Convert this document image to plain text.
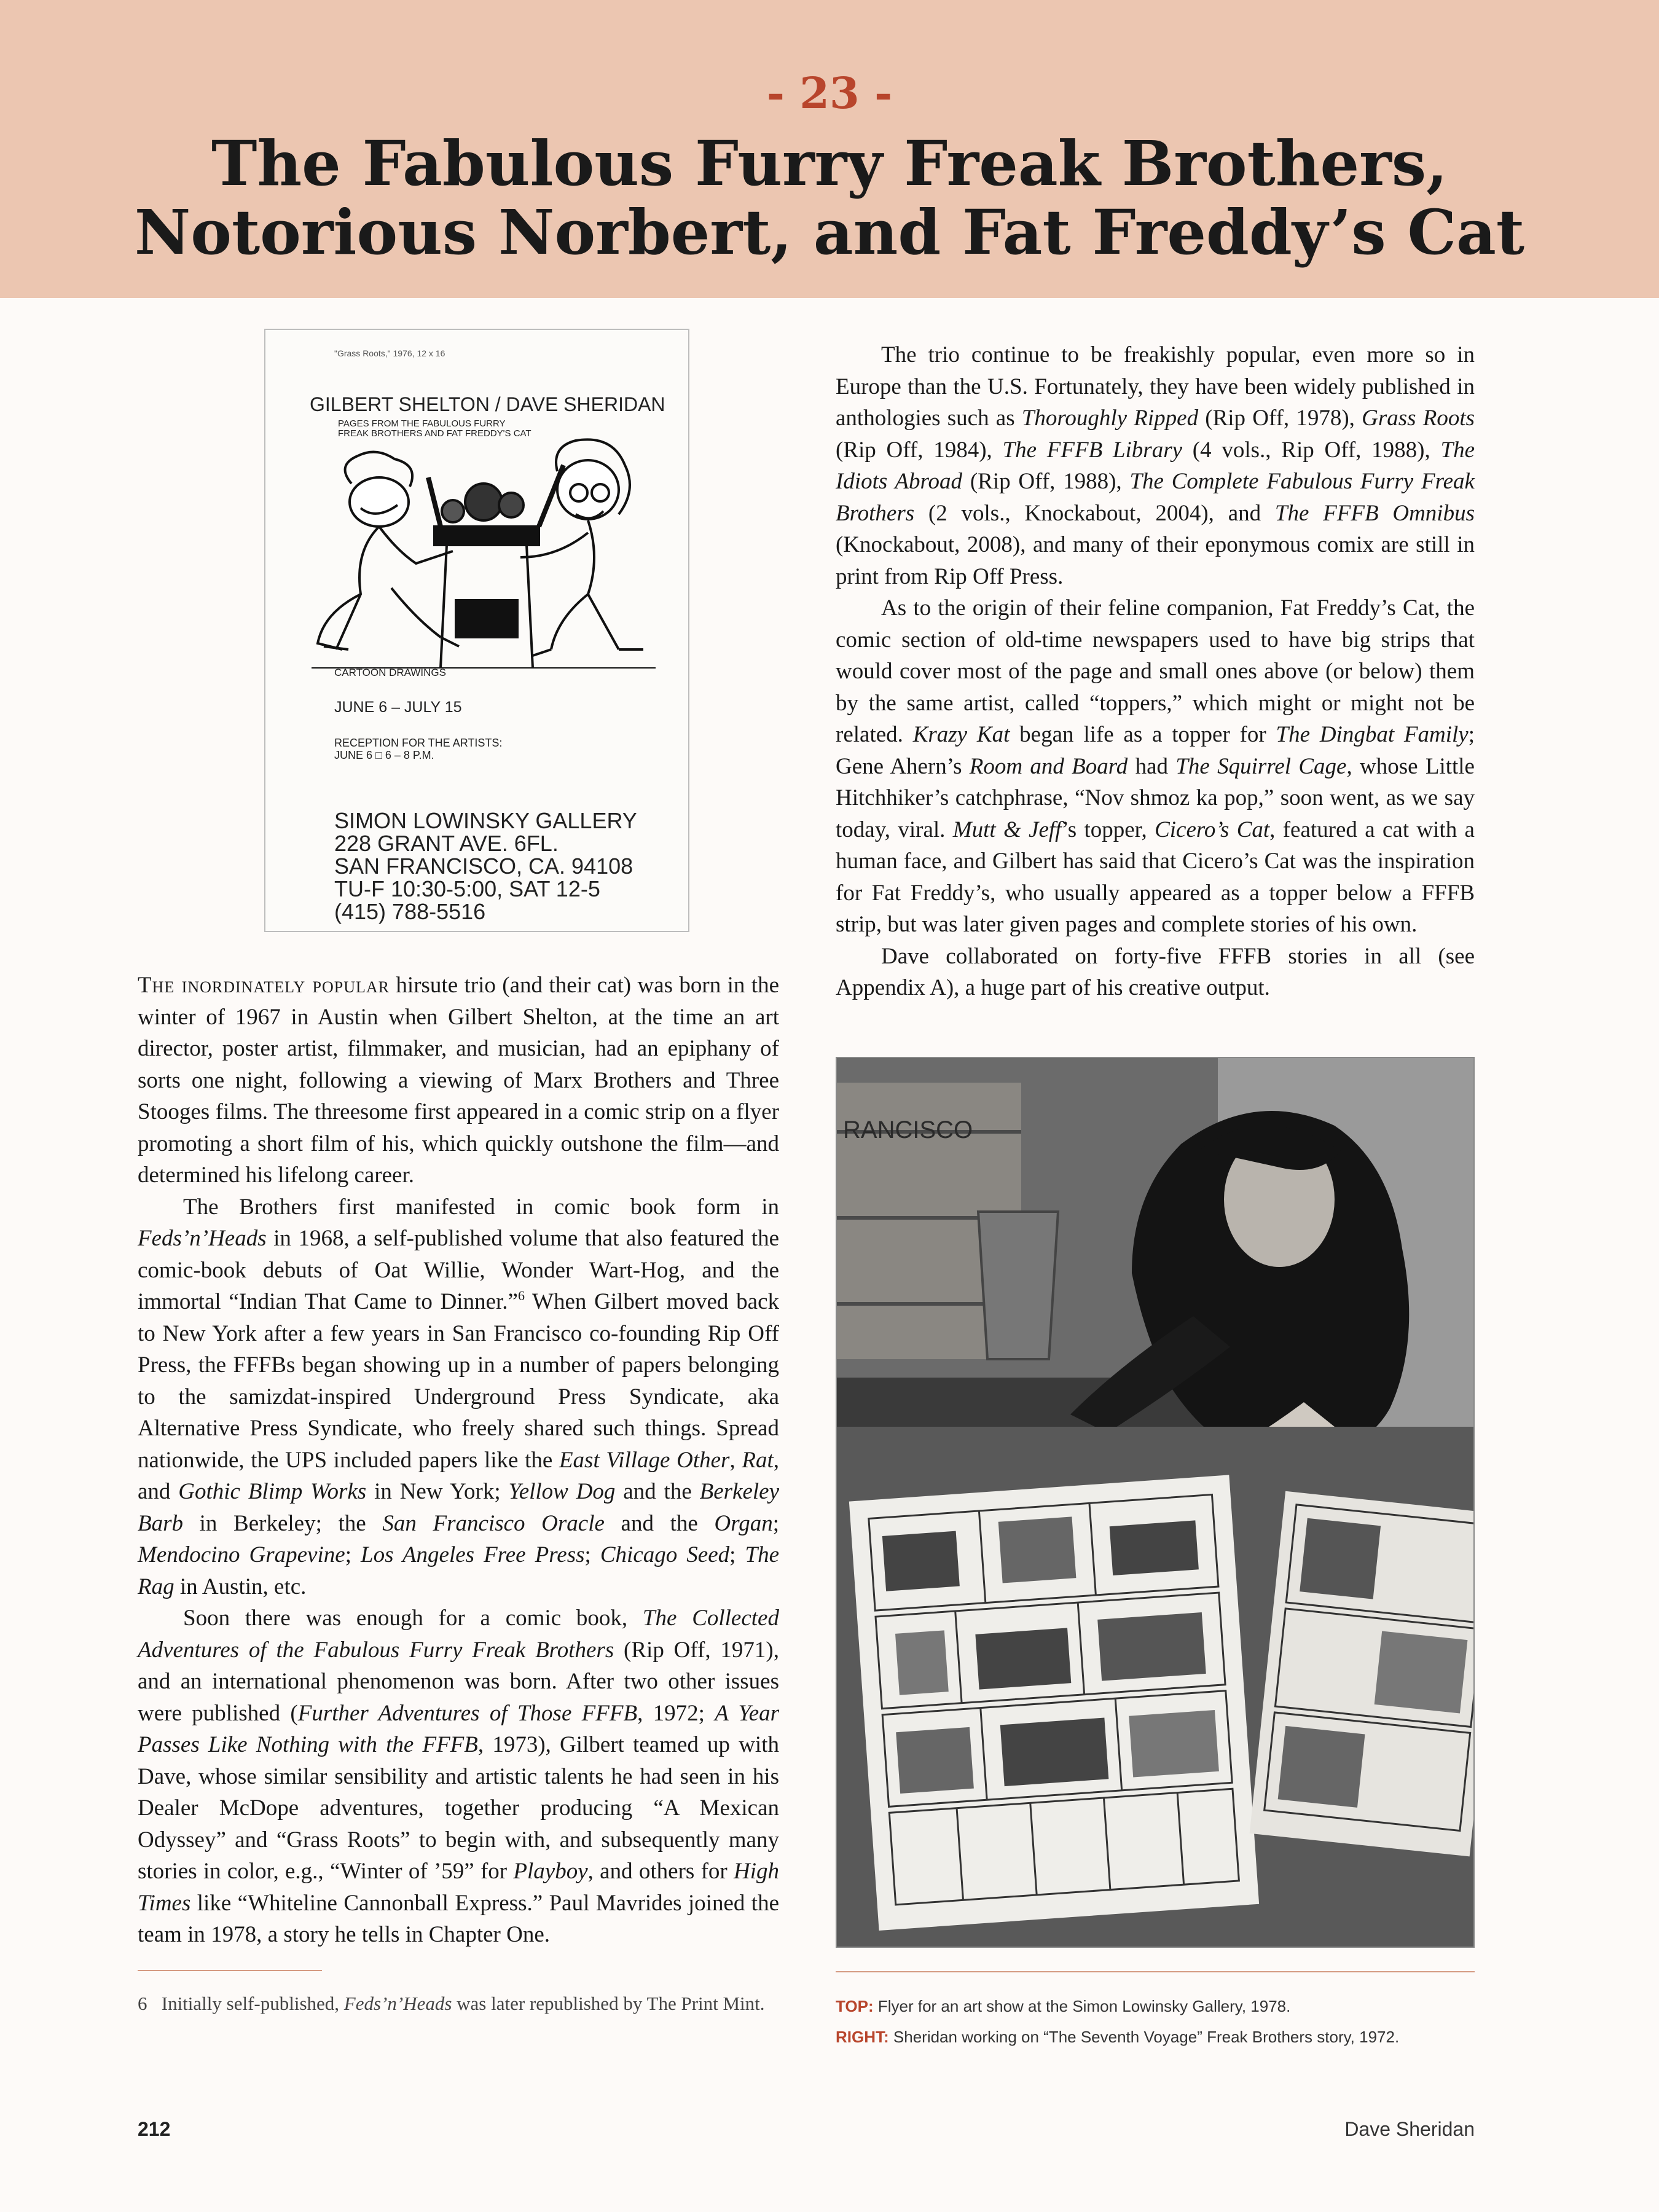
- 23 -
The Fabulous Furry Freak Brothers,
Notorious Norbert, and Fat Freddy’s Cat
"Grass Roots," 1976, 12 x 16
GILBERT SHELTON / DAVE SHERIDAN
PAGES FROM THE FABULOUS FURRY
FREAK BROTHERS AND FAT FREDDY'S CAT
CARTOON DRAWINGS
JUNE 6 – JULY 15
RECEPTION FOR THE ARTISTS:
JUNE 6 □ 6 – 8 P.M.
SIMON LOWINSKY GALLERY
228 GRANT AVE. 6FL.
SAN FRANCISCO, CA. 94108
TU-F 10:30-5:00, SAT 12-5
(415) 788-5516

The inordinately popular hirsute trio (and their cat) was born in the winter of 1967 in Austin when Gilbert Shelton, at the time an art director, poster artist, filmmaker, and musician, had an epiphany of sorts one night, following a viewing of Marx Brothers and Three Stooges films. The threesome first appeared in a comic strip on a flyer promoting a short film of his, which quickly outshone the film—and determined his lifelong career.

The Brothers first manifested in comic book form in Feds’n’Heads in 1968, a self-published volume that also featured the comic-book debuts of Oat Willie, Wonder Wart-Hog, and the immortal “Indian That Came to Dinner.”$^6$ When Gilbert moved back to New York after a few years in San Francisco co-founding Rip Off Press, the FFFBs began showing up in a number of papers belonging to the samizdat-inspired Underground Press Syndicate, aka Alternative Press Syndicate, who freely shared such things. Spread nationwide, the UPS included papers like the East Village Other, Rat, and Gothic Blimp Works in New York; Yellow Dog and the Berkeley Barb in Berkeley; the San Francisco Oracle and the Organ; Mendocino Grapevine; Los Angeles Free Press; Chicago Seed; The Rag in Austin, etc.

Soon there was enough for a comic book, The Collected Adventures of the Fabulous Furry Freak Brothers (Rip Off, 1971), and an international phenomenon was born. After two other issues were published (Further Adventures of Those FFFB, 1972; A Year Passes Like Nothing with the FFFB, 1973), Gilbert teamed up with Dave, whose similar sensibility and artistic talents he had seen in his Dealer McDope adventures, together producing “A Mexican Odyssey” and “Grass Roots” to begin with, and subsequently many stories in color, e.g., “Winter of ’59” for Playboy, and others for High Times like “Whiteline Cannonball Express.” Paul Mavrides joined the team in 1978, a story he tells in Chapter One.

6 Initially self-published, Feds’n’Heads was later republished by The Print Mint.

The trio continue to be freakishly popular, even more so in Europe than the U.S. Fortunately, they have been widely published in anthologies such as Thoroughly Ripped (Rip Off, 1978), Grass Roots (Rip Off, 1984), The FFFB Library (4 vols., Rip Off, 1988), The Idiots Abroad (Rip Off, 1988), The Complete Fabulous Furry Freak Brothers (2 vols., Knockabout, 2004), and The FFFB Omnibus (Knockabout, 2008), and many of their eponymous comix are still in print from Rip Off Press.

As to the origin of their feline companion, Fat Freddy’s Cat, the comic section of old-time newspapers used to have big strips that would cover most of the page and small ones above (or below) them by the same artist, called “toppers,” which might or might not be related. Krazy Kat began life as a topper for The Dingbat Family; Gene Ahern’s Room and Board had The Squirrel Cage, whose Little Hitchhiker’s catchphrase, “Nov shmoz ka pop,” soon went, as we say today, viral. Mutt & Jeff’s topper, Cicero’s Cat, featured a cat with a human face, and Gilbert has said that Cicero’s Cat was the inspiration for Fat Freddy’s, who usually appeared as a topper below a FFFB strip, but was later given pages and complete stories of his own.

Dave collaborated on forty-five FFFB stories in all (see Appendix A), a huge part of his creative output.

RANCISCO
TOP: Flyer for an art show at the Simon Lowinsky Gallery, 1978.
RIGHT: Sheridan working on “The Seventh Voyage” Freak Brothers story, 1972.
212	Dave Sheridan
